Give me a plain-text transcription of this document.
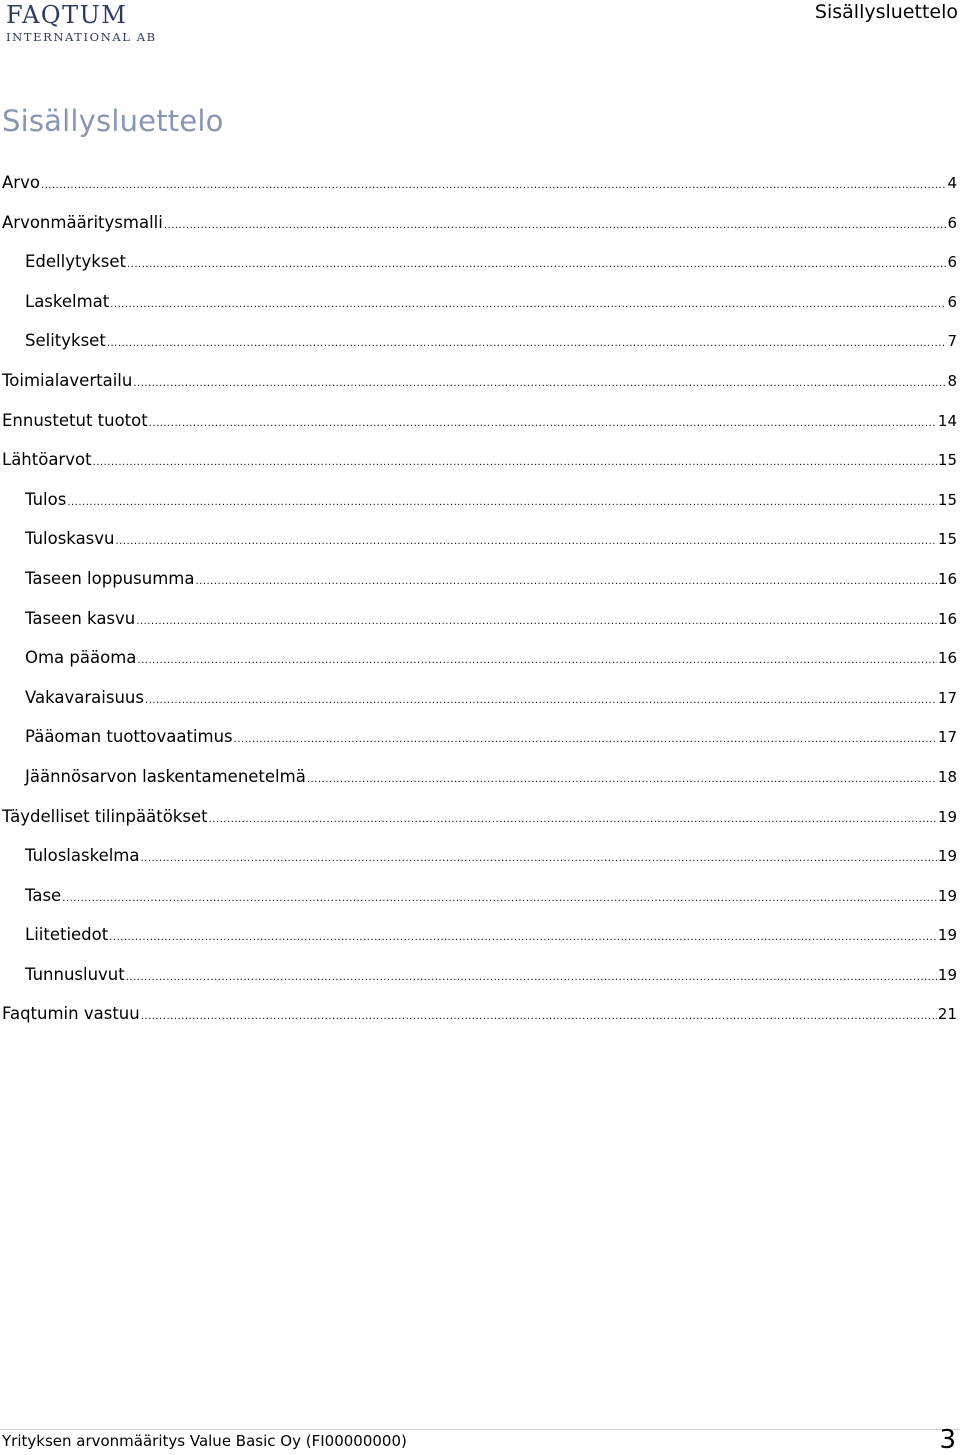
FAQTUM
INTERNATIONAL AB
Sisällysluettelo
Sisällysluettelo
Arvo .....	4
Arvonmääritysmalli .....	6
Edellytykset .....	6
Laskelmat .....	6
Selitykset .....	7
Toimialavertailu .....	8
Ennustetut tuotot .....	14
Lähtöarvot .....	15
Tulos .....	15
Tuloskasvu .....	15
Taseen loppusumma .....	16
Taseen kasvu .....	16
Oma pääoma .....	16
Vakavaraisuus .....	17
Pääoman tuottovaatimus .....	17
Jäännösarvon laskentamenetelmä .....	18
Täydelliset tilinpäätökset .....	19
Tuloslaskelma .....	19
Tase .....	19
Liitetiedot .....	19
Tunnusluvut .....	19
Faqtumin vastuu .....	21
Yrityksen arvonmääritys Value Basic Oy (FI00000000)	3
